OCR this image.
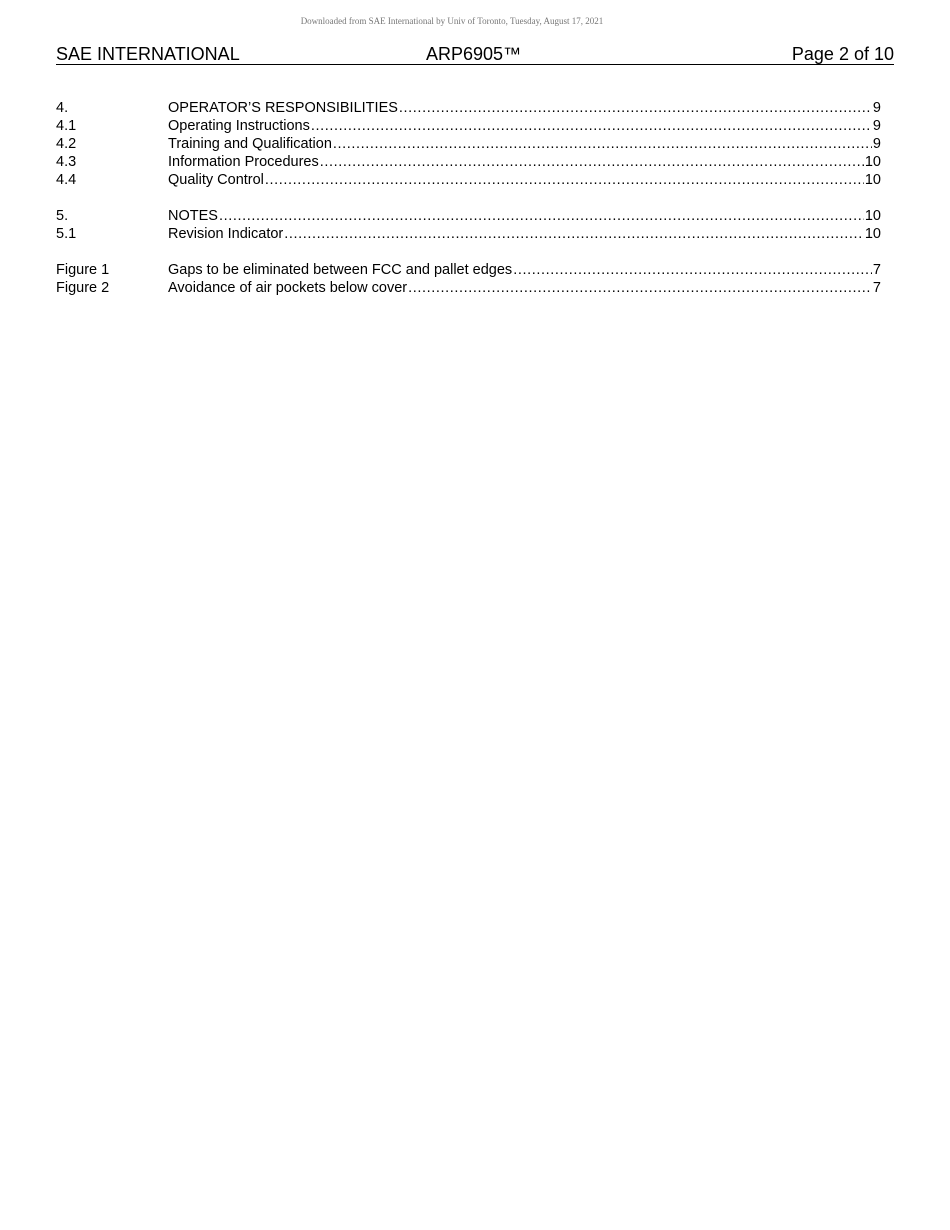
Downloaded from SAE International by Univ of Toronto, Tuesday, August 17, 2021
SAE INTERNATIONAL	ARP6905™	Page 2 of 10
4.	OPERATOR’S RESPONSIBILITIES .....	9
4.1	Operating Instructions .....	9
4.2	Training and Qualification .....	9
4.3	Information Procedures .....	10
4.4	Quality Control .....	10
5.	NOTES .....	10
5.1	Revision Indicator .....	10
Figure 1	Gaps to be eliminated between FCC and pallet edges .....	7
Figure 2	Avoidance of air pockets below cover .....	7
